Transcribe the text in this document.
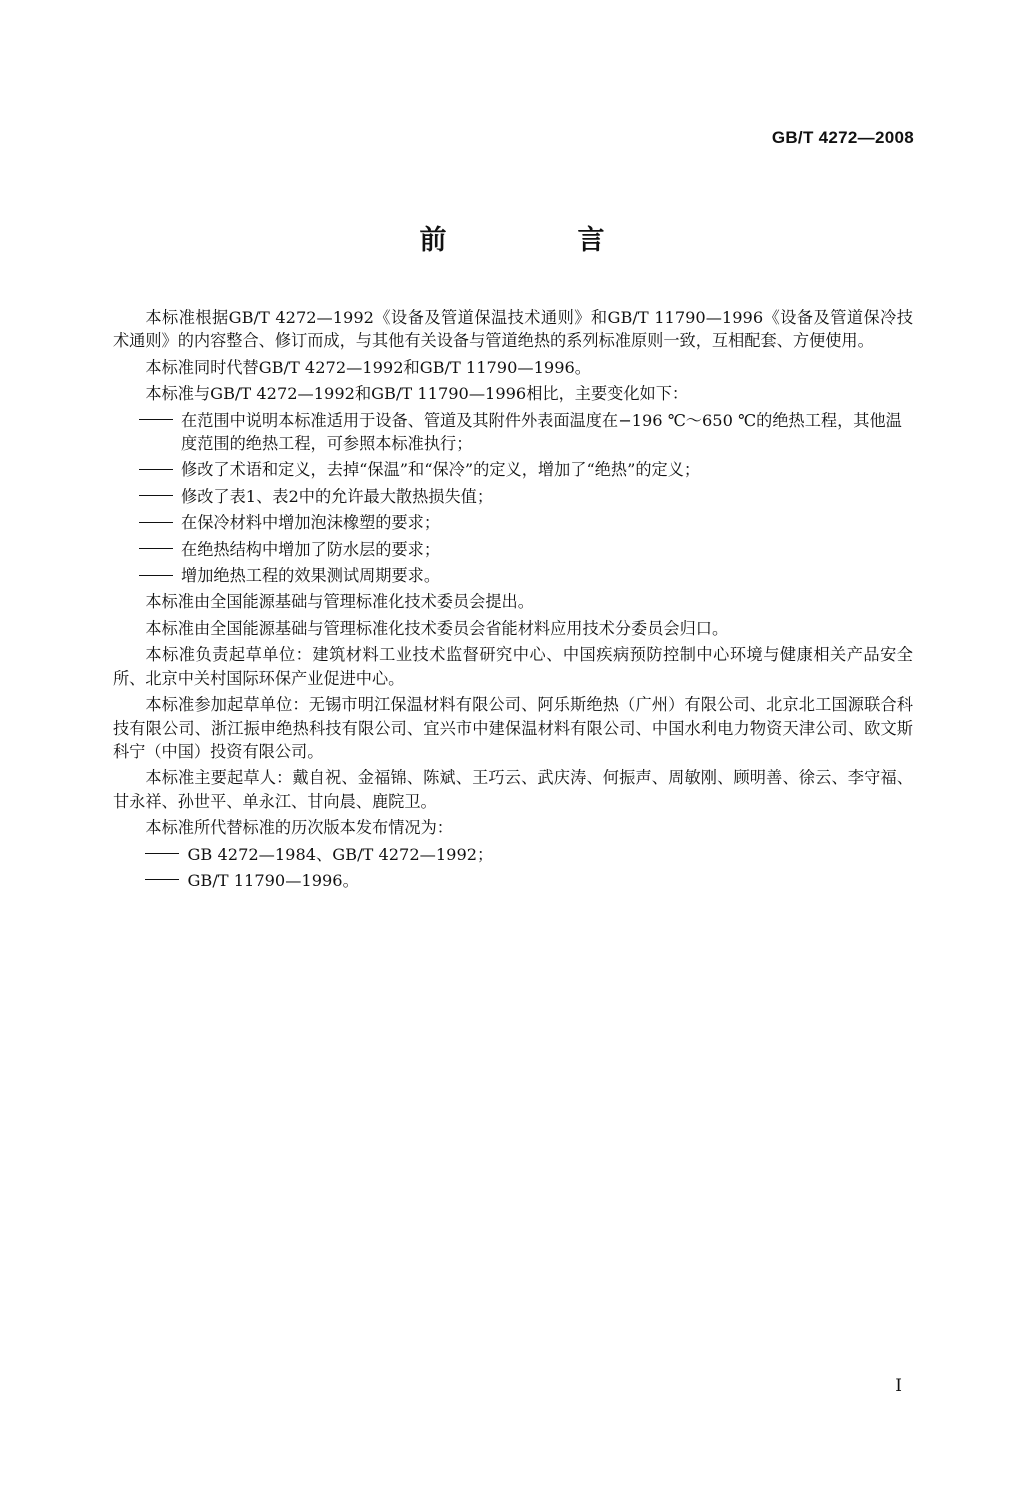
GB/T 4272—2008
前　言

本标准根据GB/T 4272—1992《设备及管道保温技术通则》和GB/T 11790—1996《设备及管道保冷技术通则》的内容整合、修订而成，与其他有关设备与管道绝热的系列标准原则一致，互相配套、方便使用。

本标准同时代替GB/T 4272—1992和GB/T 11790—1996。

本标准与GB/T 4272—1992和GB/T 11790—1996相比，主要变化如下：

在范围中说明本标准适用于设备、管道及其附件外表面温度在−196 ℃～650 ℃的绝热工程，其他温度范围的绝热工程，可参照本标准执行；
修改了术语和定义，去掉“保温”和“保冷”的定义，增加了“绝热”的定义；
修改了表1、表2中的允许最大散热损失值；
在保冷材料中增加泡沫橡塑的要求；
在绝热结构中增加了防水层的要求；
增加绝热工程的效果测试周期要求。

本标准由全国能源基础与管理标准化技术委员会提出。

本标准由全国能源基础与管理标准化技术委员会省能材料应用技术分委员会归口。

本标准负责起草单位：建筑材料工业技术监督研究中心、中国疾病预防控制中心环境与健康相关产品安全所、北京中关村国际环保产业促进中心。

本标准参加起草单位：无锡市明江保温材料有限公司、阿乐斯绝热（广州）有限公司、北京北工国源联合科技有限公司、浙江振申绝热科技有限公司、宜兴市中建保温材料有限公司、中国水利电力物资天津公司、欧文斯科宁（中国）投资有限公司。

本标准主要起草人：戴自祝、金福锦、陈斌、王巧云、武庆涛、何振声、周敏刚、顾明善、徐云、李守福、甘永祥、孙世平、单永江、甘向晨、鹿院卫。

本标准所代替标准的历次版本发布情况为：

GB 4272—1984、GB/T 4272—1992；
GB/T 11790—1996。
I
